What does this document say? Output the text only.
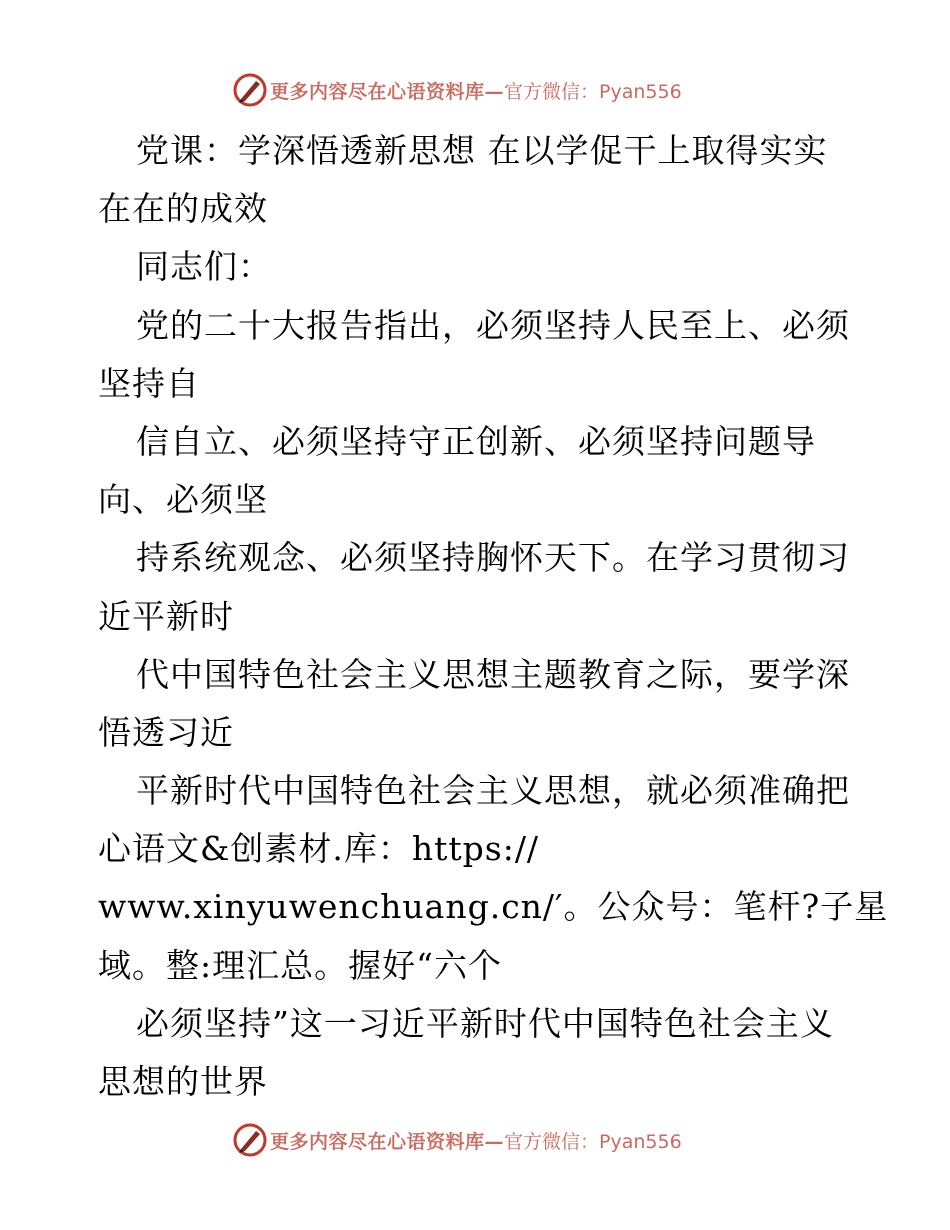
更多内容尽在心语资料库— 官方微信：Pyan556
党课：学深悟透新思想 在以学促干上取得实实
在在的成效
同志们：
党的二十大报告指出，必须坚持人民至上、必须
坚持自
信自立、必须坚持守正创新、必须坚持问题导
向、必须坚
持系统观念、必须坚持胸怀天下。在学习贯彻习
近平新时
代中国特色社会主义思想主题教育之际，要学深
悟透习近
平新时代中国特色社会主义思想，就必须准确把
心语文&创素材.库：https://
www.xinyuwenchuang.cn/′。公众号：笔杆?子星
域。整:理汇总。握好“六个
必须坚持”这一习近平新时代中国特色社会主义
思想的世界
更多内容尽在心语资料库— 官方微信：Pyan556
